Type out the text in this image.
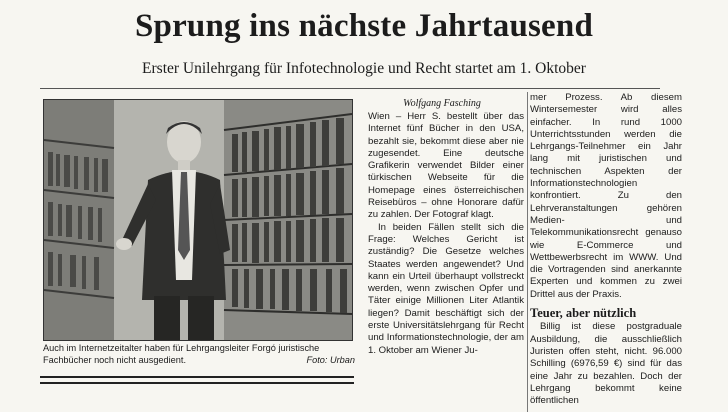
Sprung ins nächste Jahrtausend

Erster Unilehrgang für Infotechnologie und Recht startet am 1. Oktober

Auch im Internetzeitalter haben für Lehrgangsleiter Forgó juristische Fachbücher noch nicht ausgedient.	Foto: Urban

Wolfgang Fasching

Wien – Herr S. bestellt über das Internet fünf Bücher in den USA, bezahlt sie, bekommt diese aber nie zugesendet. Eine deutsche Grafikerin verwendet Bilder einer türkischen Webseite für die Homepage eines österreichischen Reisebüros – ohne Honorare dafür zu zahlen. Der Fotograf klagt.

In beiden Fällen stellt sich die Frage: Welches Gericht ist zuständig? Die Gesetze welches Staates werden angewendet? Und kann ein Urteil überhaupt vollstreckt werden, wenn zwischen Opfer und Täter einige Millionen Liter Atlantik liegen? Damit beschäftigt sich der erste Universitätslehrgang für Recht und Informationstechnologie, der am 1. Oktober am Wiener Ju-

mer Prozess. Ab diesem Wintersemester wird alles einfacher. In rund 1000 Unterrichtsstunden werden die Lehrgangs-Teilnehmer ein Jahr lang mit juristischen und technischen Aspekten der Informationstechnologien konfrontiert. Zu den Lehrveranstaltungen gehören Medien- und Telekommunikationsrecht genauso wie E-Commerce und Wettbewerbsrecht im WWW. Und die Vortragenden sind anerkannte Experten und kommen zu zwei Drittel aus der Praxis.

Teuer, aber nützlich

Billig ist diese postgraduale Ausbildung, die ausschließlich Juristen offen steht, nicht. 96.000 Schilling (6976,59 €) sind für das eine Jahr zu bezahlen. Doch der Lehrgang bekommt keine öffentlichen
